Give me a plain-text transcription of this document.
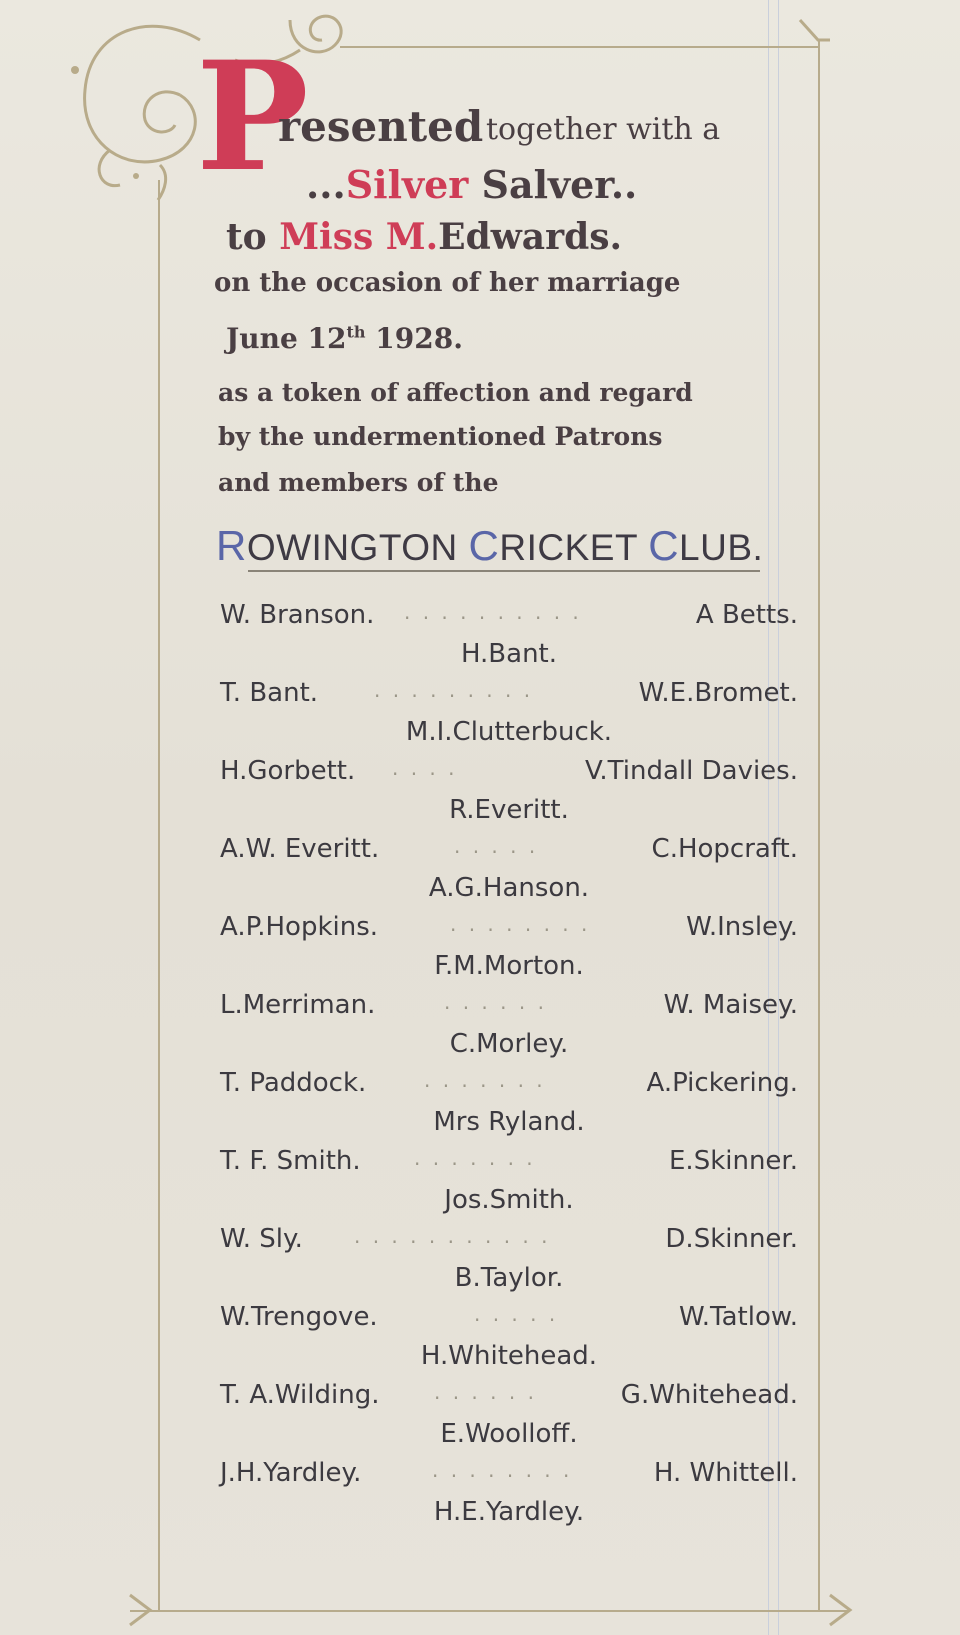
P
resented together with a
...Silver Salver..
to Miss M.Edwards.
on the occasion of her marriage
June 12th 1928.
as a token of affection and regard
by the undermentioned Patrons
and members of the
ROWINGTON CRICKET CLUB.
W. Branson. . . . . . . . . . .	A Betts.
H.Bant.
T. Bant.	. . . . . . . . .	W.E.Bromet.
M.I.Clutterbuck.
H.Gorbett. . . . .	V.Tindall Davies.
R.Everitt.
A.W. Everitt.	. . . . .	C.Hopcraft.
A.G.Hanson.
A.P.Hopkins.	. . . . . . . .	W.Insley.
F.M.Morton.
L.Merriman.	. . . . . .	W. Maisey.
C.Morley.
T. Paddock.	. . . . . . .	A.Pickering.
Mrs Ryland.
T. F. Smith.	. . . . . . .	E.Skinner.
Jos.Smith.
W. Sly.	. . . . . . . . . . .	D.Skinner.
B.Taylor.
W.Trengove.	. . . . .	W.Tatlow.
H.Whitehead.
T. A.Wilding.	. . . . . .	G.Whitehead.
E.Woolloff.
J.H.Yardley.	. . . . . . . .	H. Whittell.
H.E.Yardley.
